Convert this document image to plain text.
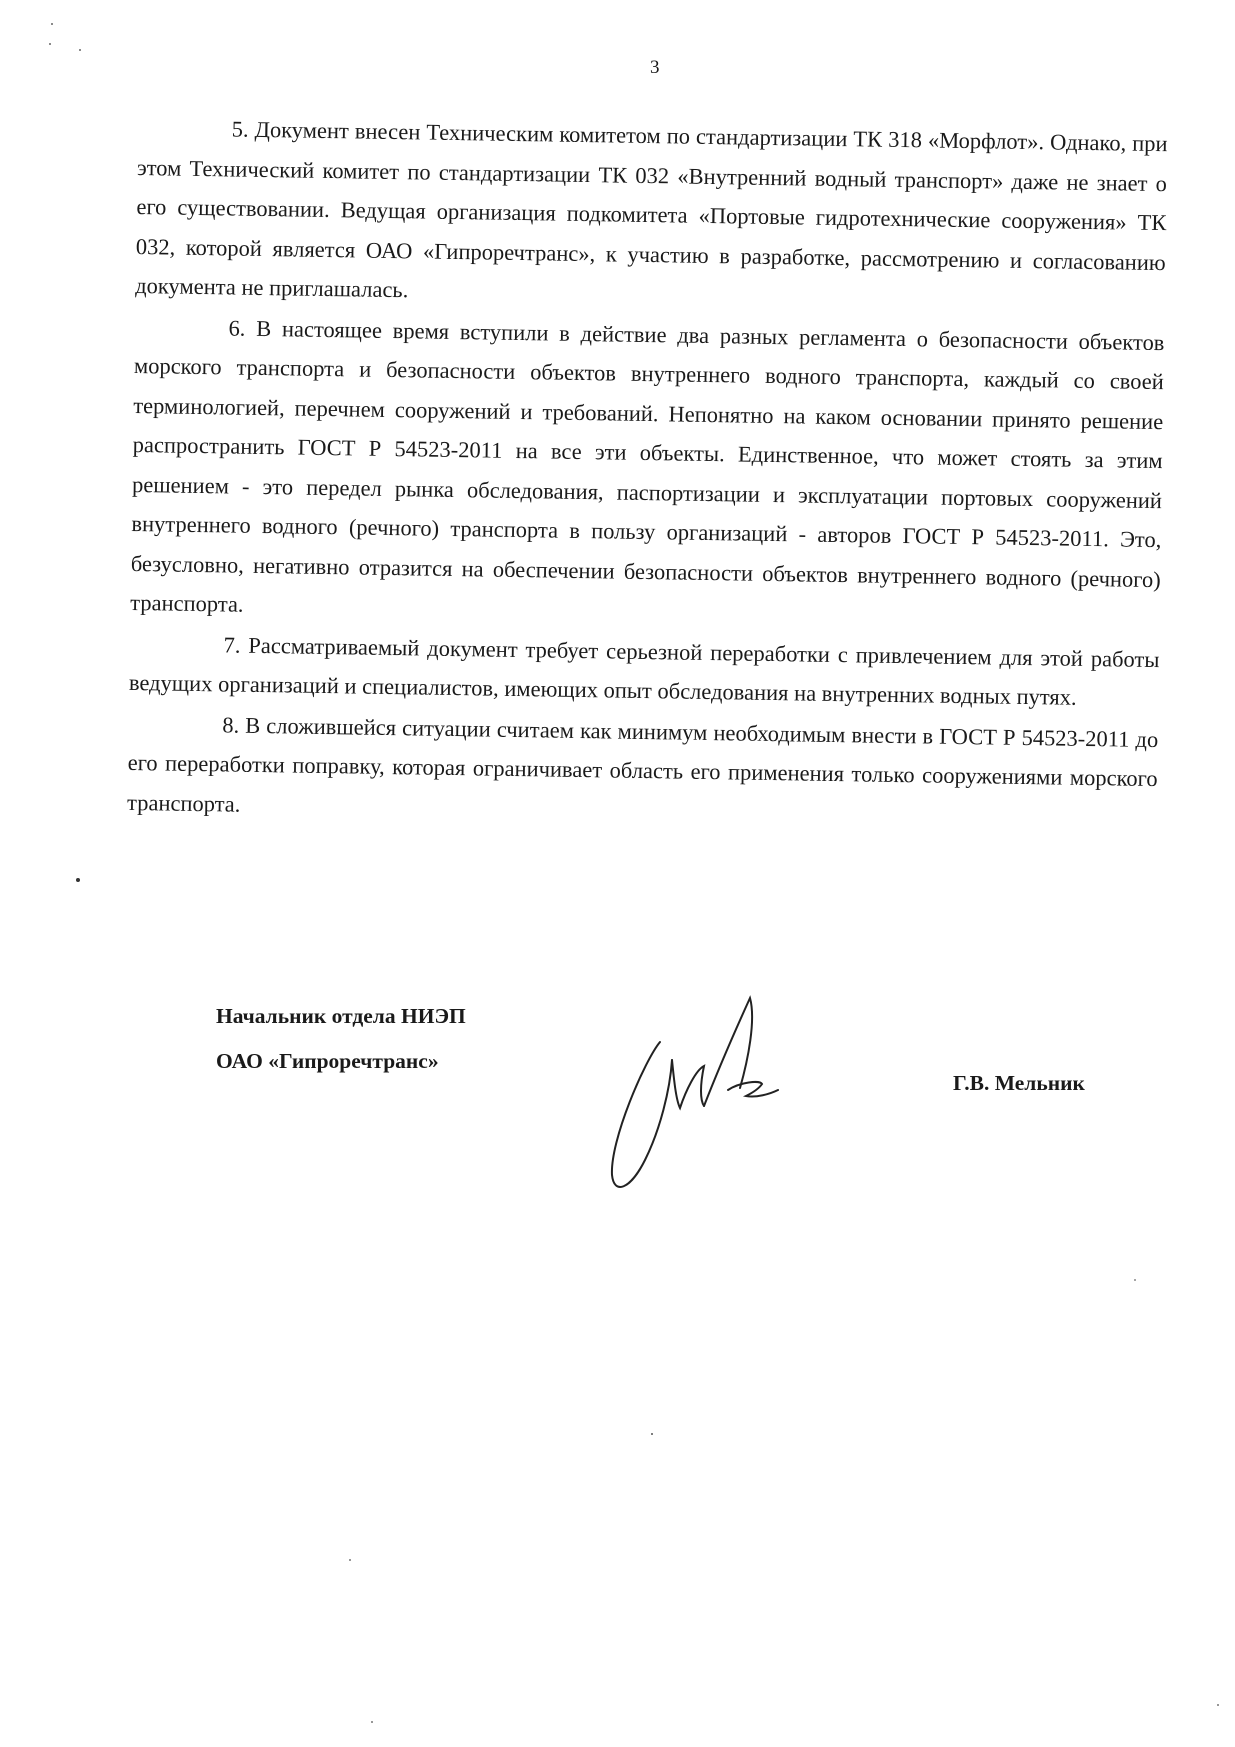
3

5. Документ внесен Техническим комитетом по стандартизации ТК 318 «Морфлот». Однако, при этом Технический комитет по стандартизации ТК 032 «Внутренний водный транспорт» даже не знает о его существовании. Ведущая организация подкомитета «Портовые гидротехнические сооружения» ТК 032, которой является ОАО «Гипроречтранс», к участию в разработке, рассмотрению и согласованию документа не приглашалась.

6. В настоящее время вступили в действие два разных регламента о безопасности объектов морского транспорта и безопасности объектов внутреннего водного транспорта, каждый со своей терминологией, перечнем сооружений и требований. Непонятно на каком основании принято решение распространить ГОСТ Р 54523-2011 на все эти объекты. Единственное, что может стоять за этим решением - это передел рынка обследования, паспортизации и эксплуатации портовых сооружений внутреннего водного (речного) транспорта в пользу организаций - авторов ГОСТ Р 54523-2011. Это, безусловно, негативно отразится на обеспечении безопасности объектов внутреннего водного (речного) транспорта.

7. Рассматриваемый документ требует серьезной переработки с привлечением для этой работы ведущих организаций и специалистов, имеющих опыт обследования на внутренних водных путях.

8. В сложившейся ситуации считаем как минимум необходимым внести в ГОСТ Р 54523-2011 до его переработки поправку, которая ограничивает область его применения только сооружениями морского транспорта.

Начальник отдела НИЭП
ОАО «Гипроречтранс»
Г.В. Мельник
